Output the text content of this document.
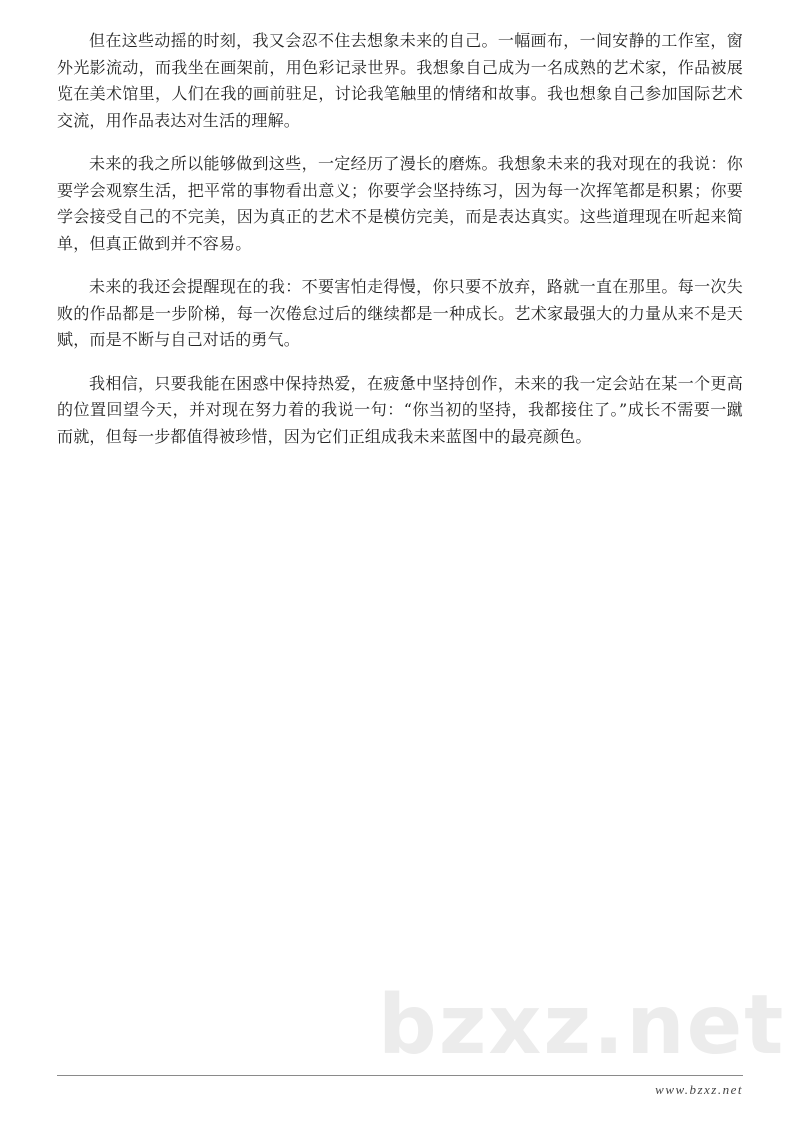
bzxz.net

但在这些动摇的时刻，我又会忍不住去想象未来的自己。一幅画布，一间安静的工作室，窗外光影流动，而我坐在画架前，用色彩记录世界。我想象自己成为一名成熟的艺术家，作品被展览在美术馆里，人们在我的画前驻足，讨论我笔触里的情绪和故事。我也想象自己参加国际艺术交流，用作品表达对生活的理解。

未来的我之所以能够做到这些，一定经历了漫长的磨炼。我想象未来的我对现在的我说：你要学会观察生活，把平常的事物看出意义；你要学会坚持练习，因为每一次挥笔都是积累；你要学会接受自己的不完美，因为真正的艺术不是模仿完美，而是表达真实。这些道理现在听起来简单，但真正做到并不容易。

未来的我还会提醒现在的我：不要害怕走得慢，你只要不放弃，路就一直在那里。每一次失败的作品都是一步阶梯，每一次倦怠过后的继续都是一种成长。艺术家最强大的力量从来不是天赋，而是不断与自己对话的勇气。

我相信，只要我能在困惑中保持热爱，在疲惫中坚持创作，未来的我一定会站在某一个更高的位置回望今天，并对现在努力着的我说一句：“你当初的坚持，我都接住了。”成长不需要一蹴而就，但每一步都值得被珍惜，因为它们正组成我未来蓝图中的最亮颜色。

www.bzxz.net
